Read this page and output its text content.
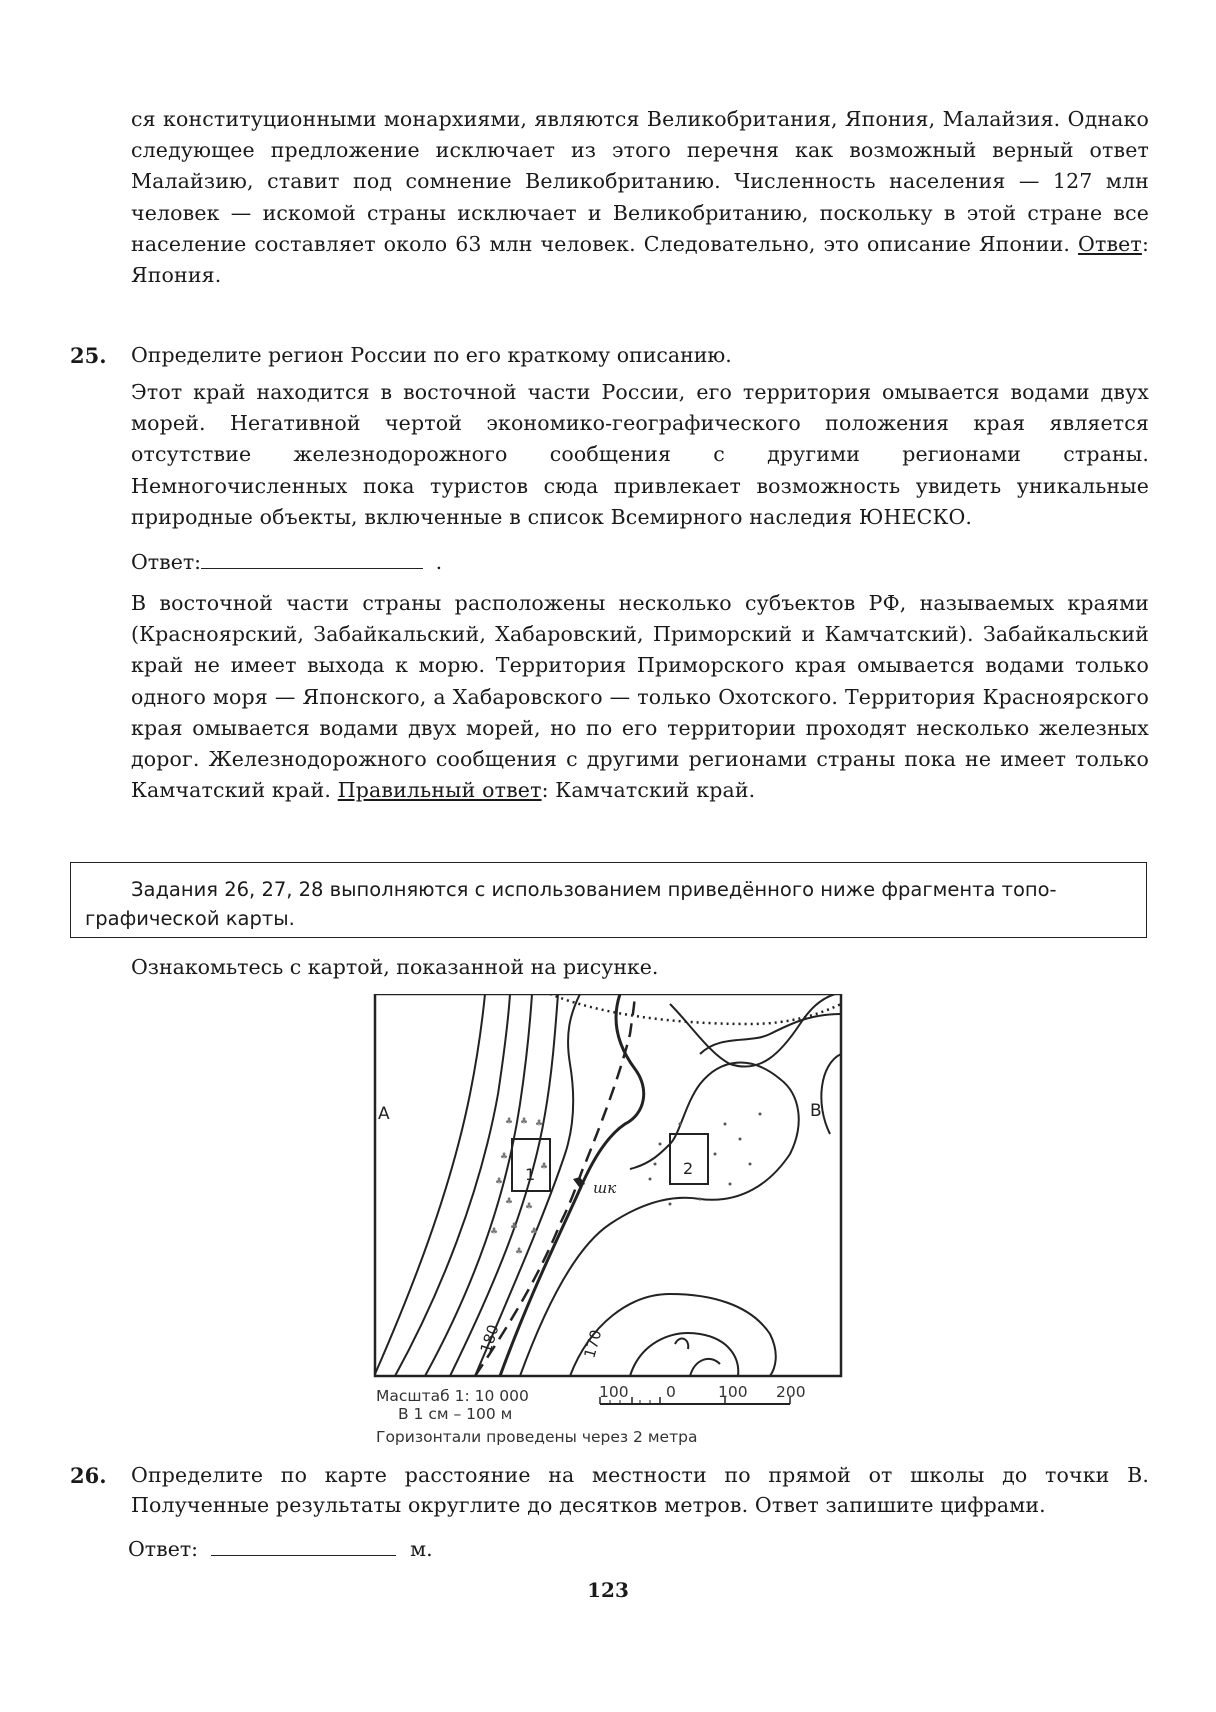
ся конституционными монархиями, являются Великобритания, Япония, Малайзия. Однако следующее предложение исключает из этого перечня как возможный верный ответ Малайзию, ставит под сомнение Великобританию. Численность населения — 127 млн человек — искомой страны исключает и Великобританию, поскольку в этой стране все население составляет около 63 млн человек. Следовательно, это описание Японии. Ответ: Япония.
25. Определите регион России по его краткому описанию.
Этот край находится в восточной части России, его территория омывается водами двух морей. Негативной чертой экономико-географического положения края является отсутствие железнодорожного сообщения с другими регионами страны. Немногочисленных пока туристов сюда привлекает возможность увидеть уникальные природные объекты, включенные в список Всемирного наследия ЮНЕСКО.
Ответ:	.
В восточной части страны расположены несколько субъектов РФ, называемых краями (Красноярский, Забайкальский, Хабаровский, Приморский и Камчатский). Забайкальский край не имеет выхода к морю. Территория Приморского края омывается водами только одного моря — Японского, а Хабаровского — только Охотского. Территория Красноярского края омывается водами двух морей, но по его территории проходят несколько железных дорог. Железнодорожного сообщения с другими регионами страны пока не имеет только Камчатский край. Правильный ответ: Камчатский край.
Задания 26, 27, 28 выполняются с использованием приведённого ниже фрагмента топо-
графической карты.
Ознакомьтесь с картой, показанной на рисунке.
♣ ♣ ♣
♣
♣
♣ ♣
♣ ♣
♣
♣
♣
шк
А	В
1	2
180	170
Масштаб 1: 10 000
В 1 см – 100 м
Горизонтали проведены через 2 метра
100 0	100 200
26. Определите по карте расстояние на местности по прямой от школы до точки В. Полученные результаты округлите до десятков метров. Ответ запишите цифрами.
Ответ:	м.
123
